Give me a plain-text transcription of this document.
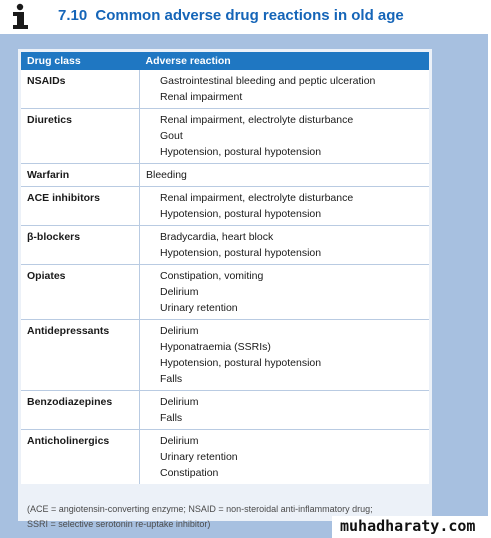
7.10 Common adverse drug reactions in old age
Drug class	Adverse reaction
NSAIDs	Gastrointestinal bleeding and peptic ulceration
Renal impairment

Diuretics	Renal impairment, electrolyte disturbance
Gout
Hypotension, postural hypotension

Warfarin	Bleeding

ACE inhibitors	Renal impairment, electrolyte disturbance
Hypotension, postural hypotension

β-blockers	Bradycardia, heart block
Hypotension, postural hypotension

Opiates	Constipation, vomiting
Delirium
Urinary retention

Antidepressants	Delirium
Hyponatraemia (SSRIs)
Hypotension, postural hypotension
Falls

Benzodiazepines	Delirium
Falls

Anticholinergics	Delirium
Urinary retention
Constipation
(ACE = angiotensin-converting enzyme; NSAID = non-steroidal anti-inflammatory drug;
SSRI = selective serotonin re-uptake inhibitor)	muhadharaty.com
